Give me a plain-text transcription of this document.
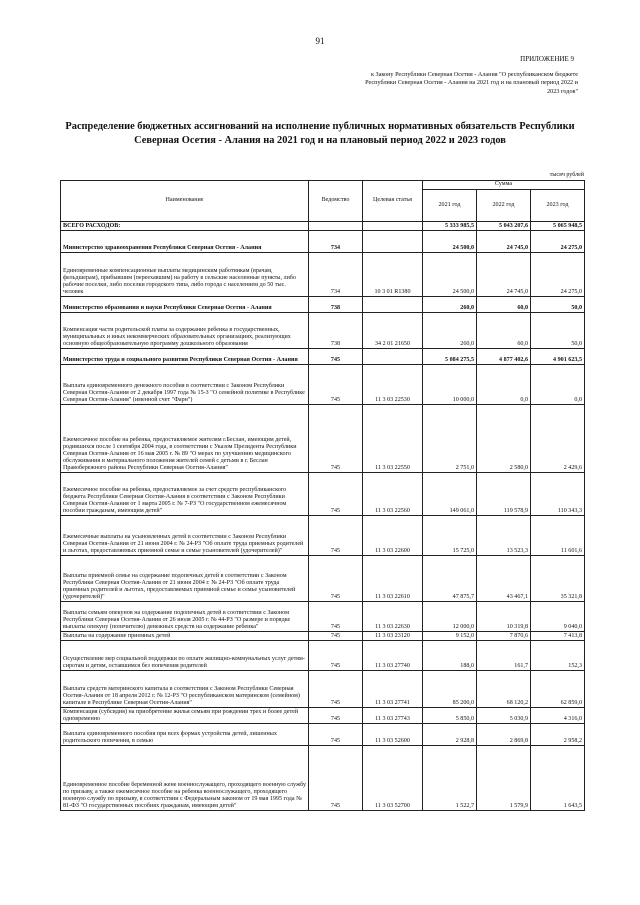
91
ПРИЛОЖЕНИЕ 9
к Закону Республики Северная Осетия - Алания "О республиканском бюджете Республики Северная Осетия - Алания на 2021 год и на плановый период 2022 и 2023 годов"
Распределение бюджетных ассигнований на исполнение публичных нормативных обязательств Республики Северная Осетия - Алания на 2021 год и на плановый период 2022 и 2023 годов
тысяч рублей
Наименование	Ведомство	Целевая статья	Сумма		
			2021 год	2022 год	2023 год
ВСЕГО РАСХОДОВ:			5 333 985,5	5 043 207,6	5 065 948,5
Министерство здравоохранения Республики Северная Осетия - Алания	734		24 500,0	24 745,0	24 275,0
Единовременные компенсационные выплаты медицинским работникам (врачам, фельдшерам), прибывшим (переехавшим) на работу в сельские населенные пункты, либо рабочие поселки, либо поселки городского типа, либо города с населением до 50 тыс. человек	734	10 3 01 R1380	24 500,0	24 745,0	24 275,0
Министерство образования и науки Республики Северная Осетия - Алания	738		260,0	60,0	50,0
Компенсация части родительской платы за содержание ребенка в государственных, муниципальных и иных некоммерческих образовательных организациях, реализующих основную общеобразовательную программу дошкольного образования	738	34 2 01 21650	260,0	60,0	50,0
Министерство труда и социального развития Республики Северная Осетия - Алания	745		5 084 275,5	4 877 402,6	4 901 623,5
Выплата единовременного денежного пособия в соответствии с Законом Республики Северная Осетия-Алания от 2 декабря 1997 года № 15-З "О семейной политике в Республике Северная Осетия-Алания" (именной счет "Фарн")	745	11 3 03 22530	10 000,0	0,0	0,0
Ежемесячное пособие на ребенка, предоставляемое жителям г.Беслан, имеющим детей, родившихся после 1 сентября 2004 года, в соответствии с Указом Президента Республики Северная Осетия-Алания от 16 мая 2005 г. № 89 "О мерах по улучшению медицинского обслуживания и материального положения жителей семей с детьми в г. Беслан Правобережного района Республики Северная Осетия-Алания"	745	11 3 03 22550	2 751,0	2 580,0	2 429,6
Ежемесячное пособие на ребенка, предоставляемое за счет средств республиканского бюджета Республики Северная Осетия-Алания в соответствии с Законом Республики Северная Осетия-Алания от 1 марта 2005 г. № 7-РЗ "О государственном ежемесячном пособии гражданам, имеющим детей"	745	11 3 03 22560	149 061,0	119 578,9	110 343,3
Ежемесячные выплаты на усыновленных детей в соответствии с Законом Республики Северная Осетия-Алания от 21 июня 2004 г. № 24-РЗ "Об оплате труда приемных родителей и льготах, предоставляемых приемной семье и семье усыновителей (удочерителей)"	745	11 3 03 22600	15 725,0	13 523,3	11 601,6
Выплаты приемной семье на содержание подопечных детей в соответствии с Законом Республики Северная Осетия-Алания от 21 июня 2004 г. № 24-РЗ "Об оплате труда приемных родителей и льготах, предоставляемых приемной семье и семье усыновителей (удочерителей)"	745	11 3 03 22610	47 875,7	43 467,1	35 321,8
Выплаты семьям опекунов на содержание подопечных детей в соответствии с Законом Республики Северная Осетия-Алания от 26 июля 2005 г. № 44-РЗ "О размере и порядке выплаты опекуну (попечителю) денежных средств на содержание ребенка"	745	11 3 03 22630	12 000,0	10 319,8	9 040,0
Выплаты на содержание приемных детей	745	11 3 03 23120	9 152,0	7 870,6	7 413,8
Осуществление мер социальной поддержки по оплате жилищно-коммунальных услуг детям-сиротам и детям, оставшимся без попечения родителей	745	11 3 03 27740	188,0	161,7	152,3
Выплата средств материнского капитала в соответствии с Законом Республики Северная Осетия-Алания от 18 апреля 2012 г. № 12-РЗ "О республиканском материнском (семейном) капитале в Республике Северная Осетия-Алания"	745	11 3 03 27741	85 200,0	68 120,2	62 859,0
Компенсация (субсидия) на приобретение жилья семьям при рождении трех и более детей одновременно	745	11 3 03 27743	5 850,0	5 030,9	4 316,0
Выплата единовременного пособия при всех формах устройства детей, лишенных родительского попечения, в семью	745	11 3 03 52600	2 928,8	2 869,8	2 958,2
Единовременное пособие беременной жене военнослужащего, проходящего военную службу по призыву, а также ежемесячное пособие на ребенка военнослужащего, проходящего военную службу по призыву, в соответствии с Федеральным законом от 19 мая 1995 года № 81-ФЗ "О государственных пособиях гражданам, имеющим детей"	745	11 3 03 52700	1 522,7	1 579,9	1 643,5
